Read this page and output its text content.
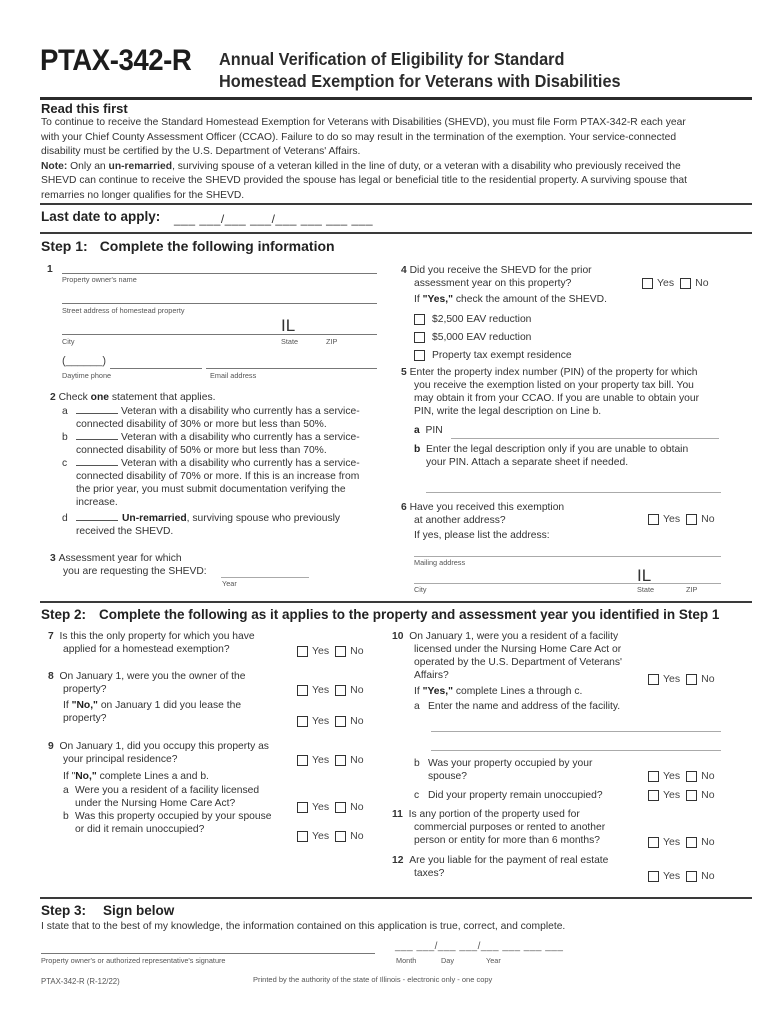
PTAX-342-R Annual Verification of Eligibility for Standard
Homestead Exemption for Veterans with Disabilities
Read this first
To continue to receive the Standard Homestead Exemption for Veterans with Disabilities (SHEVD), you must file Form PTAX-342-R each year
with your Chief County Assessment Officer (CCAO). Failure to do so may result in the termination of the exemption. Your service-connected
disability must be certified by the U.S. Department of Veterans' Affairs.
Note: Only an un-remarried, surviving spouse of a veteran killed in the line of duty, or a veteran with a disability who previously received the
SHEVD can continue to receive the SHEVD provided the spouse has legal or beneficial title to the residential property. A surviving spouse that
remarries no longer qualifies for the SHEVD.
Last date to apply: ___ ___/___ ___/___ ___ ___ ___
Step 1: Complete the following information
1
Property owner's name
Street address of homestead property
IL
City	State	ZIP
(______)
Daytime phone	Email address
2 Check one statement that applies.
a	Veteran with a disability who currently has a service-
connected disability of 30% or more but less than 50%.
b	Veteran with a disability who currently has a service-
connected disability of 50% or more but less than 70%.
c	Veteran with a disability who currently has a service-
connected disability of 70% or more. If this is an increase from
the prior year, you must submit documentation verifying the
increase.
d	Un-remarried, surviving spouse who previously
received the SHEVD.
3 Assessment year for which
you are requesting the SHEVD:
Year
4 Did you receive the SHEVD for the prior
assessment year on this property?
If "Yes," check the amount of the SHEVD.
Yes No
$2,500 EAV reduction
$5,000 EAV reduction
Property tax exempt residence
5 Enter the property index number (PIN) of the property for which
you receive the exemption listed on your property tax bill. You
may obtain it from your CCAO. If you are unable to obtain your
PIN, write the legal description on Line b.
a PIN
b Enter the legal description only if you are unable to obtain
your PIN. Attach a separate sheet if needed.
6 Have you received this exemption
at another address?
If yes, please list the address:
Yes No
Mailing address
IL
City	State	ZIP
Step 2: Complete the following as it applies to the property and assessment year you identified in Step 1
7 Is this the only property for which you have
applied for a homestead exemption?	Yes No
8 On January 1, were you the owner of the
property?
If "No," on January 1 did you lease the
property?
Yes No
Yes No
9 On January 1, did you occupy this property as
your principal residence?
If "No," complete Lines a and b.
a Were you a resident of a facility licensed
under the Nursing Home Care Act?
b Was this property occupied by your spouse
or did it remain unoccupied?
Yes No
Yes No
Yes No
10 On January 1, were you a resident of a facility
licensed under the Nursing Home Care Act or
operated by the U.S. Department of Veterans'
Affairs?
If "Yes," complete Lines a through c.
a Enter the name and address of the facility.
Yes No
b Was your property occupied by your
spouse?
c Did your property remain unoccupied?
Yes No
Yes No
11 Is any portion of the property used for
commercial purposes or rented to another
person or entity for more than 6 months?	Yes No
12 Are you liable for the payment of real estate
taxes?	Yes No
Step 3: Sign below
I state that to the best of my knowledge, the information contained on this application is true, correct, and complete.
Property owner's or authorized representative's signature
___ ___/___ ___/___ ___ ___ ___
Month	Day	Year
PTAX-342-R (R-12/22)	Printed by the authority of the state of Illinois - electronic only - one copy
